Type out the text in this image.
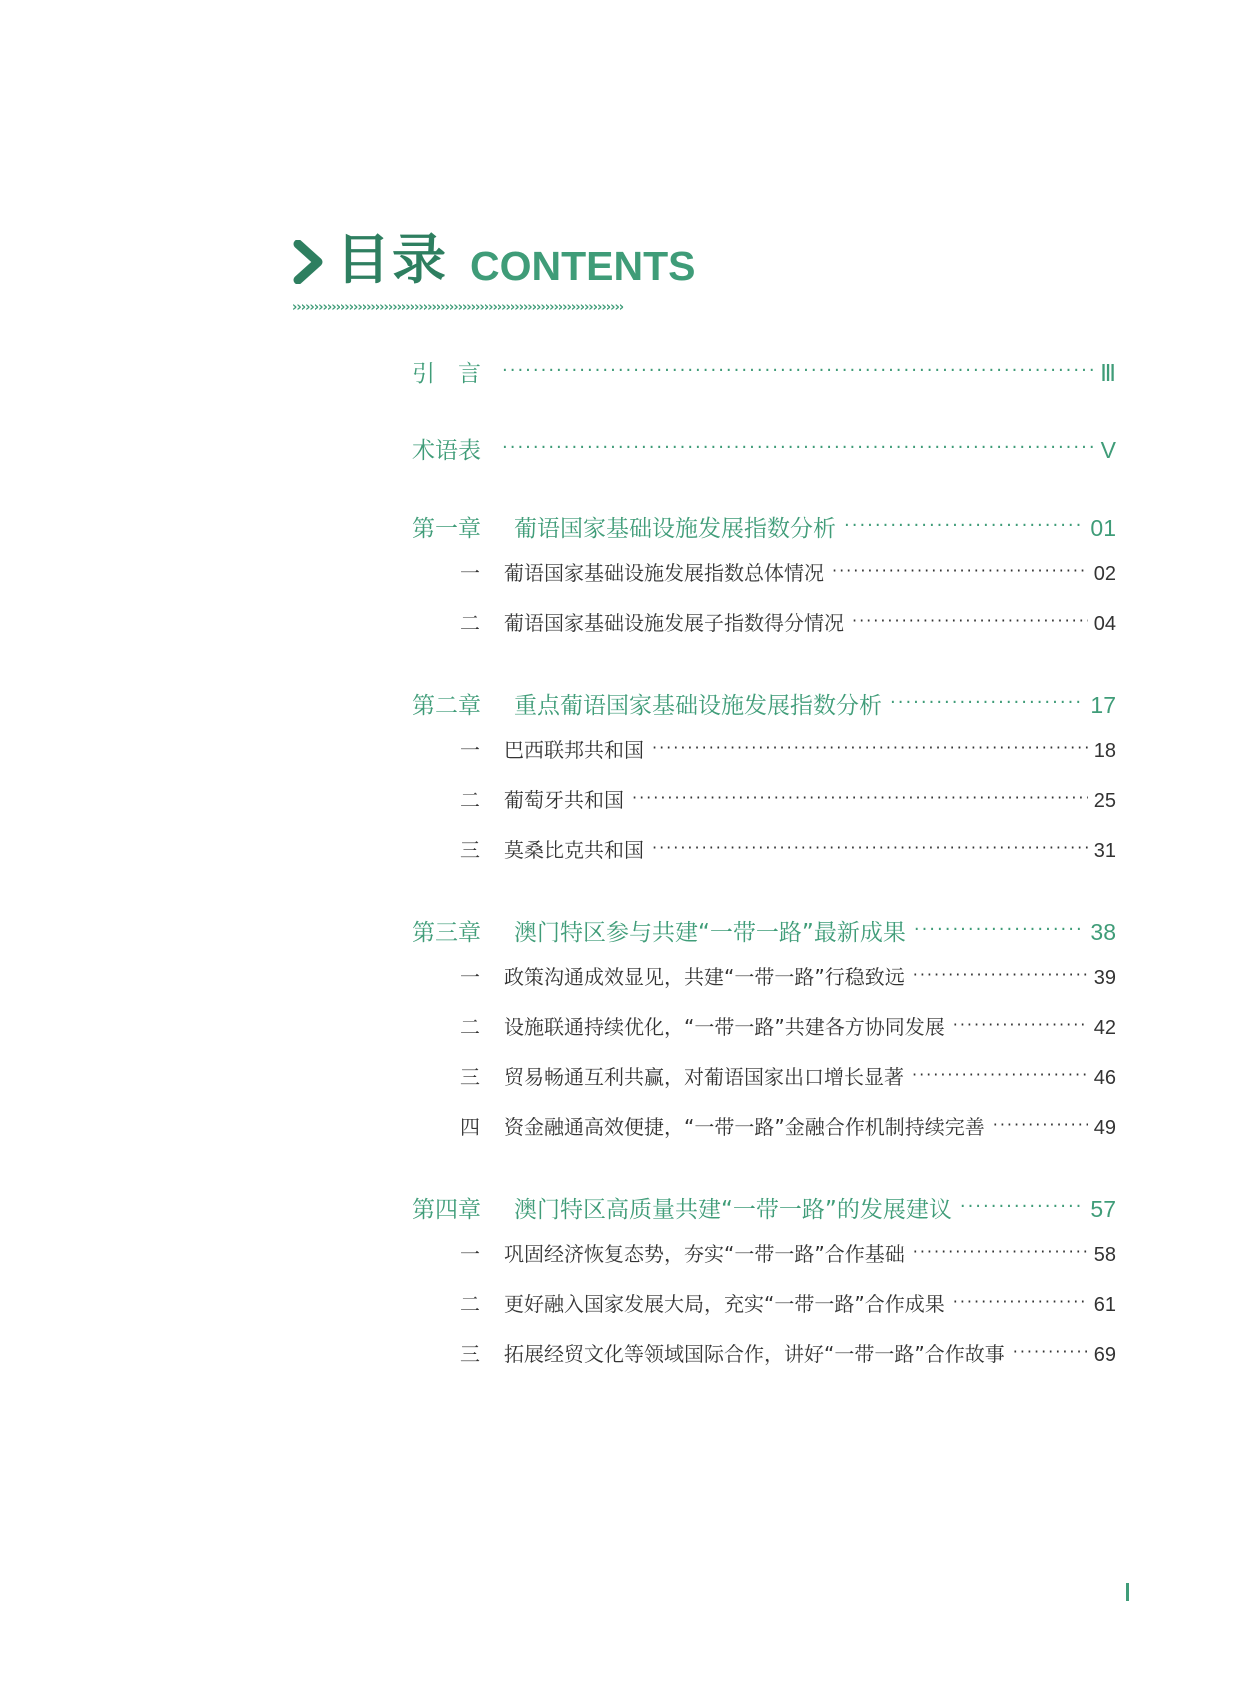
目录 CONTENTS
››››››››››››››››››››››››››››››››››››››››››››››››››››››››››››››››››››››››››››
引　言 ·····	Ⅲ
术语表 ·····	V
第一章	葡语国家基础设施发展指数分析 ·····	01
一	葡语国家基础设施发展指数总体情况 ·····	02
二	葡语国家基础设施发展子指数得分情况 ·····	04
第二章	重点葡语国家基础设施发展指数分析 ·····	17
一	巴西联邦共和国 ·····	18
二	葡萄牙共和国 ·····	25
三	莫桑比克共和国 ·····	31
第三章	澳门特区参与共建“一带一路”最新成果 ·····	38
一	政策沟通成效显见，共建“一带一路”行稳致远 ·····	39
二	设施联通持续优化，“一带一路”共建各方协同发展 ·····	42
三	贸易畅通互利共赢，对葡语国家出口增长显著 ·····	46
四	资金融通高效便捷，“一带一路”金融合作机制持续完善 ·····	49
第四章	澳门特区高质量共建“一带一路”的发展建议 ·····	57
一	巩固经济恢复态势，夯实“一带一路”合作基础 ·····	58
二	更好融入国家发展大局，充实“一带一路”合作成果 ·····	61
三	拓展经贸文化等领域国际合作，讲好“一带一路”合作故事 ·····	69
